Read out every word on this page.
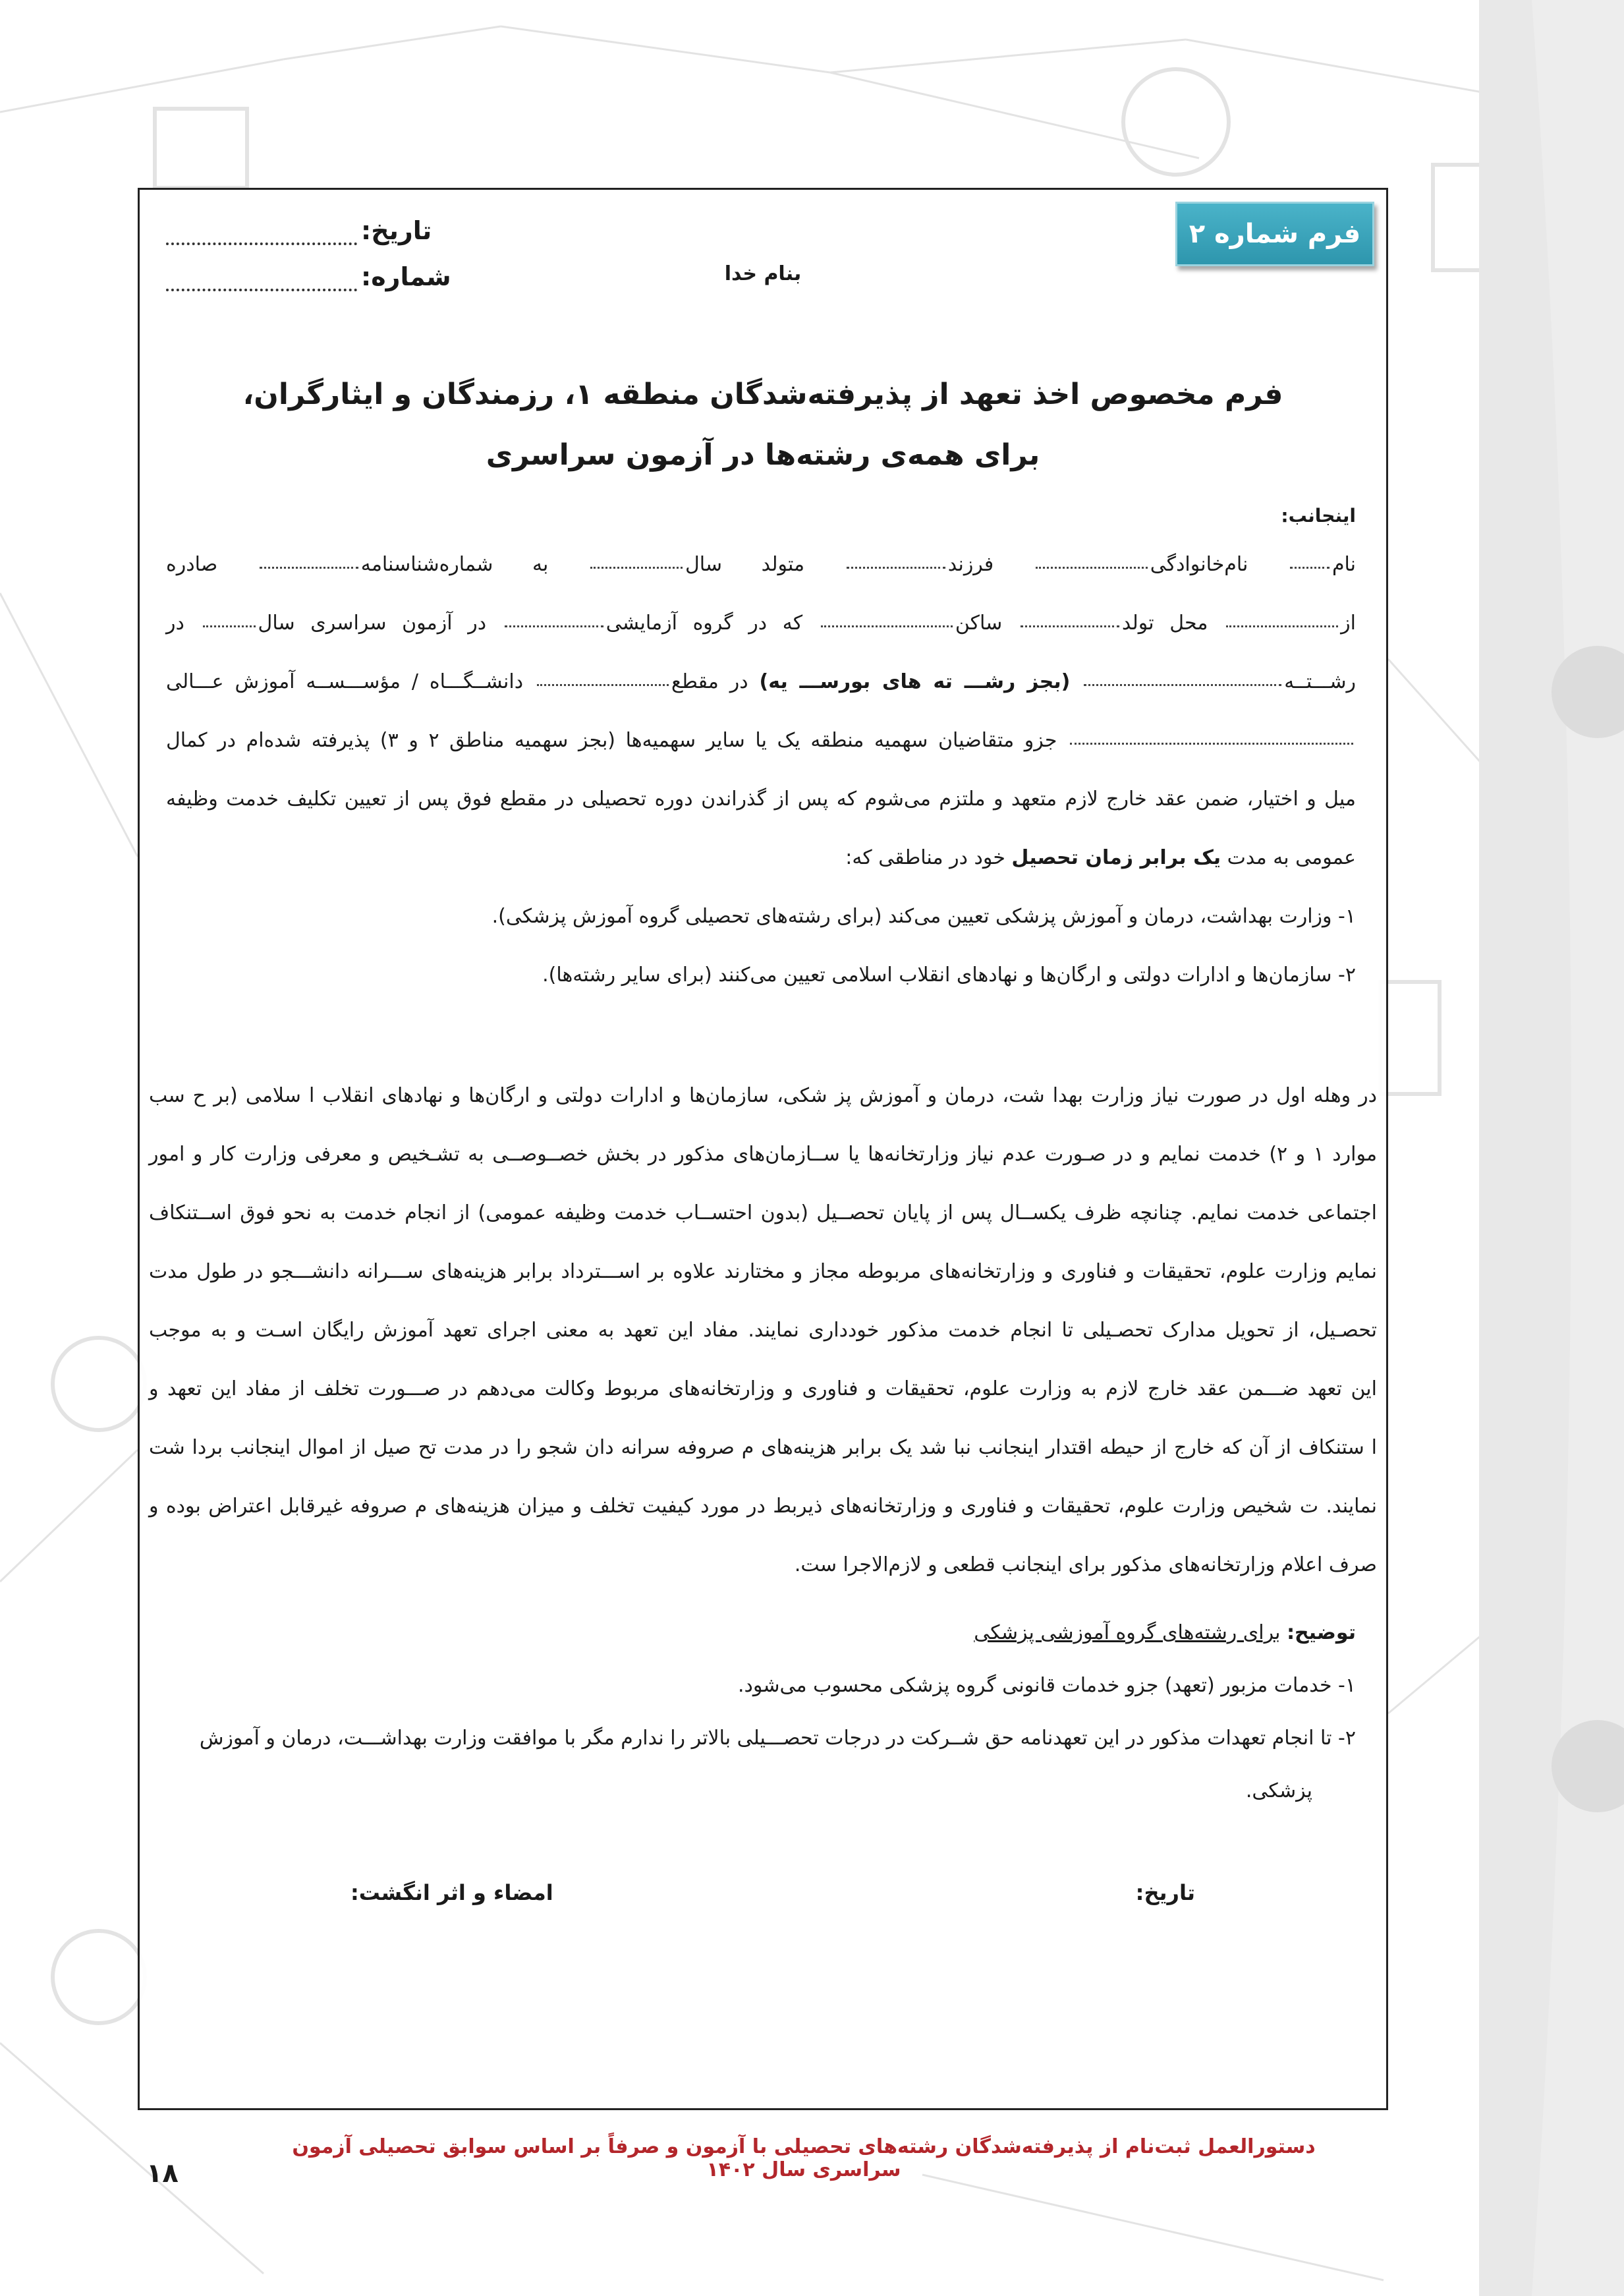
فرم شماره ۲
تاریخ:
شماره:	بنام خدا
فرم مخصوص اخذ تعهد از پذیرفته‌شدگان منطقه ۱، رزمندگان و ایثارگران،
برای همه‌ی رشته‌ها در آزمون سراسری
اینجانب:
نام نام‌خانوادگی فرزند متولد سال به شماره‌شناسنامه صادره
از محل تولد ساکن که در گروه آزمایشی در آزمون سراسری سال در
رشـــتــه (بجز رشـــ ته های بورســـ یه) در مقطع دانشــگـــاه / مؤســـســه آموزش عـــالی
جزو متقاضیان سهمیه منطقه یک یا سایر سهمیه‌ها (بجز سهمیه مناطق ۲ و ۳) پذیرفته شده‌ام در کمال
میل و اختیار، ضمن عقد خارج لازم متعهد و ملتزم می‌شوم که پس از گذراندن دوره تحصیلی در مقطع فوق پس از تعیین تکلیف خدمت وظیفه
عمومی به مدت یک برابر زمان تحصیل خود در مناطقی که:
۱- وزارت بهداشت، درمان و آموزش پزشکی تعیین می‌کند (برای رشته‌های تحصیلی گروه آموزش پزشکی).
۲- سازمان‌ها و ادارات دولتی و ارگان‌ها و نهادهای انقلاب اسلامی تعیین می‌کنند (برای سایر رشته‌ها).
در وهله اول در صورت نیاز وزارت بهدا شت، درمان و آموزش پز شکی، سازمان‌ها و ادارات دولتی و ارگان‌ها و نهادهای انقلاب ا سلامی (بر ح سب
موارد ۱ و ۲) خدمت نمایم و در صـورت عدم نیاز وزارتخانه‌ها یا ســازمان‌های مذکور در بخش خصــوصــی به تشـخیص و معرفی وزارت کار و امور
اجتماعی خدمت نمایم. چنانچه ظرف یکســال پس از پایان تحصــیل (بدون احتســاب خدمت وظیفه عمومی) از انجام خدمت به نحو فوق اســتنکاف
نمایم وزارت علوم، تحقیقات و فناوری و وزارتخانه‌های مربوطه مجاز و مختارند علاوه بر اســـترداد برابر هزینه‌های ســـرانه دانشـــجو در طول مدت
تحصـیل، از تحویل مدارک تحصـیلی تا انجام خدمت مذکور خودداری نمایند. مفاد این تعهد به معنی اجرای تعهد آموزش رایگان اسـت و به موجب
این تعهد ضـــمن عقد خارج لازم به وزارت علوم، تحقیقات و فناوری و وزارتخانه‌های مربوط وکالت می‌دهم در صـــورت تخلف از مفاد این تعهد و
ا ستنکاف از آن که خارج از حیطه اقتدار اینجانب نبا شد یک برابر هزینه‌های م صروفه سرانه دان شجو را در مدت تح صیل از اموال اینجانب بردا شت
نمایند. ت شخیص وزارت علوم، تحقیقات و فناوری و وزارتخانه‌های ذیربط در مورد کیفیت تخلف و میزان هزینه‌های م صروفه غیرقابل اعتراض بوده و
صرف اعلام وزارتخانه‌های مذکور برای اینجانب قطعی و لازم‌الاجرا ست.
توضیح: برای رشته‌های گروه آموزشی پزشکی
۱- خدمات مزبور (تعهد) جزو خدمات قانونی گروه پزشکی محسوب می‌شود.
۲- تا انجام تعهدات مذکور در این تعهدنامه حق شــرکت در درجات تحصـــیلی بالاتر را ندارم مگر با موافقت وزارت بهداشـــت، درمان و آموزش
پزشکی.
تاریخ:
امضاء و اثر انگشت:
دستورالعمل ثبت‌نام از پذیرفته‌شدگان رشته‌های تحصیلی با آزمون و صرفاً بر اساس سوابق تحصیلی آزمون سراسری سال ۱۴۰۲
۱۸
